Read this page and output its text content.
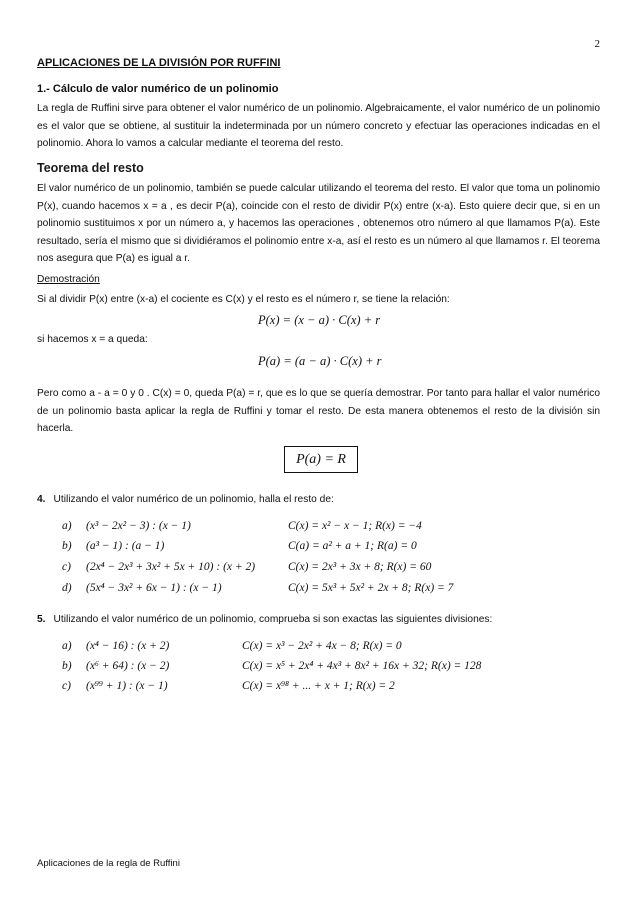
2
APLICACIONES DE LA DIVISIÓN POR RUFFINI
1.- Cálculo de valor numérico de un polinomio
La regla de Ruffini sirve para obtener el valor numérico de un polinomio. Algebraicamente, el valor numérico de un polinomio es el valor que se obtiene, al sustituir la indeterminada por un número concreto y efectuar las operaciones indicadas en el polinomio. Ahora lo vamos a calcular mediante el teorema del resto.
Teorema del resto
El valor numérico de un polinomio, también se puede calcular utilizando el teorema del resto. El valor que toma un polinomio P(x), cuando hacemos x = a , es decir P(a), coincide con el resto de dividir P(x) entre (x-a). Esto quiere decir que, si en un polinomio sustituimos x por un número a, y hacemos las operaciones , obtenemos otro número al que llamamos P(a). Este resultado, sería el mismo que si dividiéramos el polinomio entre x-a, así el resto es un número al que llamamos r. El teorema nos asegura que P(a) es igual a r.
Demostración
Si al dividir P(x) entre (x-a) el cociente es C(x) y el resto es el número r, se tiene la relación:
P(x) = (x − a) · C(x) + r
si hacemos x = a queda:
P(a) = (a − a) · C(x) + r
Pero como a - a = 0 y 0 . C(x) = 0, queda P(a) = r, que es lo que se quería demostrar. Por tanto para hallar el valor numérico de un polinomio basta aplicar la regla de Ruffini y tomar el resto. De esta manera obtenemos el resto de la división sin hacerla.
P(a) = R
4. Utilizando el valor numérico de un polinomio, halla el resto de:
a) (x³ − 2x² − 3) : (x − 1)	C(x) = x² − x − 1; R(x) = −4
b) (a³ − 1) : (a − 1)	C(a) = a² + a + 1; R(a) = 0
c) (2x⁴ − 2x³ + 3x² + 5x + 10) : (x + 2)	C(x) = 2x³ + 3x + 8; R(x) = 60
d) (5x⁴ − 3x² + 6x − 1) : (x − 1)	C(x) = 5x³ + 5x² + 2x + 8; R(x) = 7
5. Utilizando el valor numérico de un polinomio, comprueba si son exactas las siguientes divisiones:
a) (x⁴ − 16) : (x + 2)	C(x) = x³ − 2x² + 4x − 8; R(x) = 0
b) (x⁶ + 64) : (x − 2)	C(x) = x⁵ + 2x⁴ + 4x³ + 8x² + 16x + 32; R(x) = 128
c) (x⁹⁹ + 1) : (x − 1)	C(x) = x⁹⁸ + ... + x + 1; R(x) = 2
Aplicaciones de la regla de Ruffini
